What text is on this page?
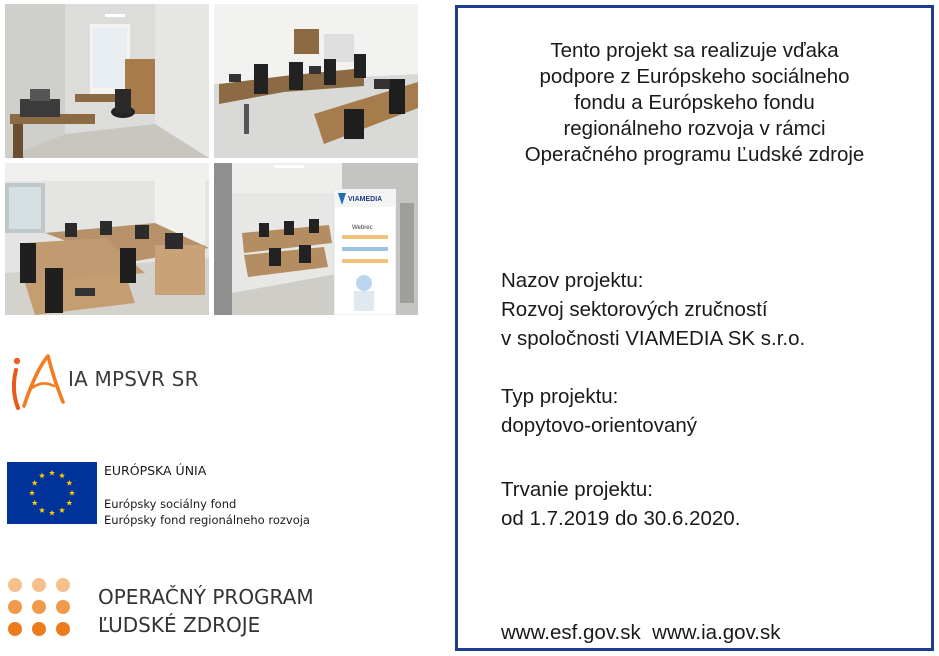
VIAMEDIA
Webrec
IA MPSVR SR
EURÓPSKA ÚNIA
Európsky sociálny fond
Európsky fond regionálneho rozvoja
OPERAČNÝ PROGRAM
ĽUDSKÉ ZDROJE
Tento projekt sa realizuje vďaka
podpore z Európskeho sociálneho
fondu a Európskeho fondu
regionálneho rozvoja v rámci
Operačného programu Ľudské zdroje
Nazov projektu:
Rozvoj sektorových zručností
v spoločnosti VIAMEDIA SK s.r.o.
Typ projektu:
dopytovo-orientovaný
Trvanie projektu:
od 1.7.2019 do 30.6.2020.
www.esf.gov.sk  www.ia.gov.sk
